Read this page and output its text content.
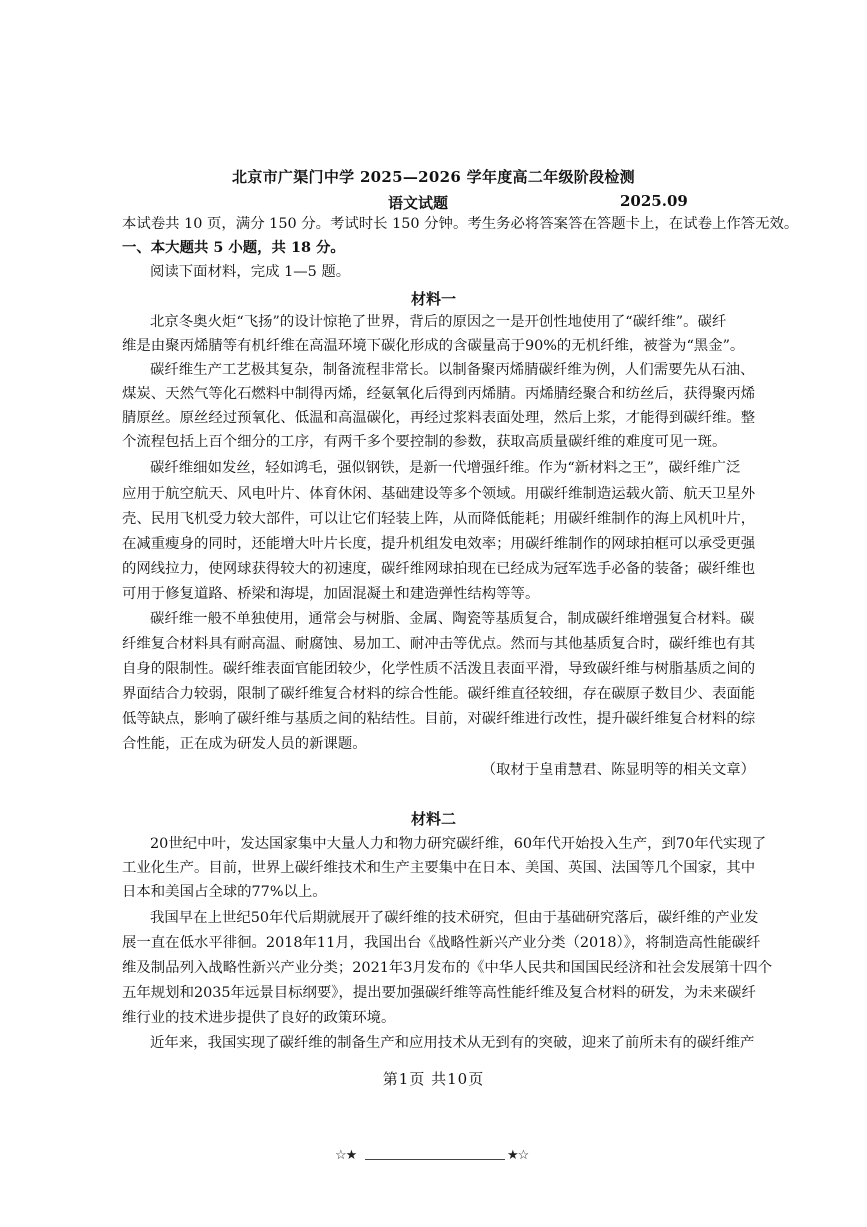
北京市广渠门中学 2025—2026 学年度高二年级阶段检测
语文试题	2025.09
本试卷共 10 页，满分 150 分。考试时长 150 分钟。考生务必将答案答在答题卡上，在试卷上作答无效。
一、本大题共 5 小题，共 18 分。
阅读下面材料，完成 1—5 题。
材料一
北京冬奥火炬“飞扬”的设计惊艳了世界，背后的原因之一是开创性地使用了“碳纤维”。碳纤
维是由聚丙烯腈等有机纤维在高温环境下碳化形成的含碳量高于90%的无机纤维，被誉为“黑金”。
碳纤维生产工艺极其复杂，制备流程非常长。以制备聚丙烯腈碳纤维为例，人们需要先从石油、
煤炭、天然气等化石燃料中制得丙烯，经氨氧化后得到丙烯腈。丙烯腈经聚合和纺丝后，获得聚丙烯
腈原丝。原丝经过预氧化、低温和高温碳化，再经过浆料表面处理，然后上浆，才能得到碳纤维。整
个流程包括上百个细分的工序，有两千多个要控制的参数，获取高质量碳纤维的难度可见一斑。
碳纤维细如发丝，轻如鸿毛，强似钢铁，是新一代增强纤维。作为“新材料之王”，碳纤维广泛
应用于航空航天、风电叶片、体育休闲、基础建设等多个领域。用碳纤维制造运载火箭、航天卫星外
壳、民用飞机受力较大部件，可以让它们轻装上阵，从而降低能耗；用碳纤维制作的海上风机叶片，
在减重瘦身的同时，还能增大叶片长度，提升机组发电效率；用碳纤维制作的网球拍框可以承受更强
的网线拉力，使网球获得较大的初速度，碳纤维网球拍现在已经成为冠军选手必备的装备；碳纤维也
可用于修复道路、桥梁和海堤，加固混凝土和建造弹性结构等等。
碳纤维一般不单独使用，通常会与树脂、金属、陶瓷等基质复合，制成碳纤维增强复合材料。碳
纤维复合材料具有耐高温、耐腐蚀、易加工、耐冲击等优点。然而与其他基质复合时，碳纤维也有其
自身的限制性。碳纤维表面官能团较少，化学性质不活泼且表面平滑，导致碳纤维与树脂基质之间的
界面结合力较弱，限制了碳纤维复合材料的综合性能。碳纤维直径较细，存在碳原子数目少、表面能
低等缺点，影响了碳纤维与基质之间的粘结性。目前，对碳纤维进行改性，提升碳纤维复合材料的综
合性能，正在成为研发人员的新课题。
（取材于皇甫慧君、陈显明等的相关文章）
材料二
20世纪中叶，发达国家集中大量人力和物力研究碳纤维，60年代开始投入生产，到70年代实现了
工业化生产。目前，世界上碳纤维技术和生产主要集中在日本、美国、英国、法国等几个国家，其中
日本和美国占全球的77%以上。
我国早在上世纪50年代后期就展开了碳纤维的技术研究，但由于基础研究落后，碳纤维的产业发
展一直在低水平徘徊。2018年11月，我国出台《战略性新兴产业分类（2018）》，将制造高性能碳纤
维及制品列入战略性新兴产业分类；2021年3月发布的《中华人民共和国国民经济和社会发展第十四个
五年规划和2035年远景目标纲要》，提出要加强碳纤维等高性能纤维及复合材料的研发，为未来碳纤
维行业的技术进步提供了良好的政策环境。
近年来，我国实现了碳纤维的制备生产和应用技术从无到有的突破，迎来了前所未有的碳纤维产
第1页 共10页
☆★	★☆
